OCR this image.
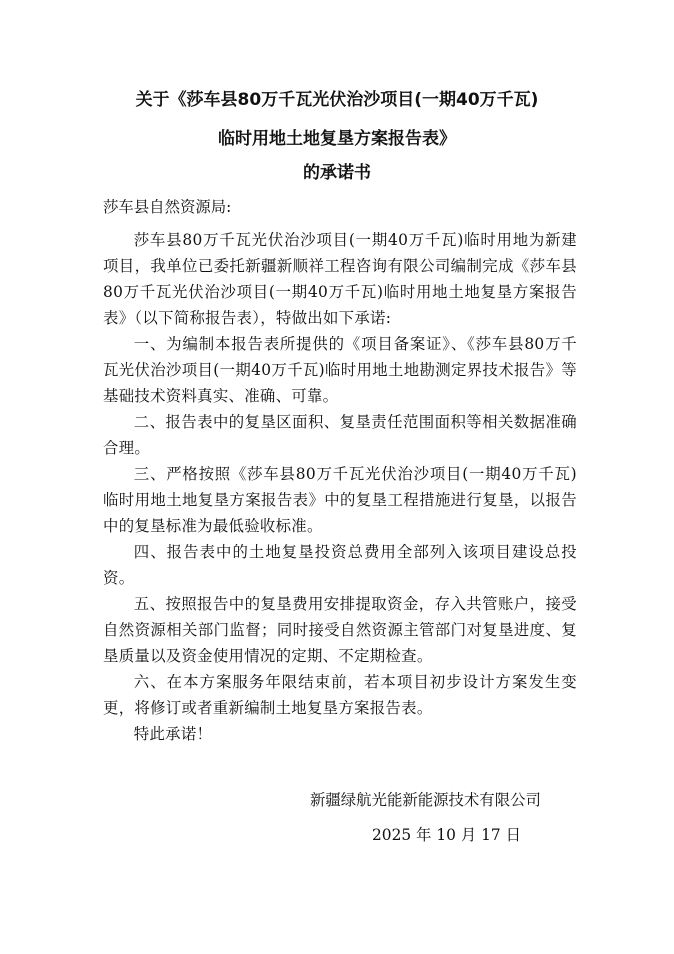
关于《莎车县80万千瓦光伏治沙项目(一期40万千瓦)
临时用地土地复垦方案报告表》
的承诺书
莎车县自然资源局:

莎车县80万千瓦光伏治沙项目(一期40万千瓦)临时用地为新建项目，我单位已委托新疆新顺祥工程咨询有限公司编制完成《莎车县80万千瓦光伏治沙项目(一期40万千瓦)临时用地土地复垦方案报告表》（以下简称报告表），特做出如下承诺:

一、为编制本报告表所提供的《项目备案证》、《莎车县80万千瓦光伏治沙项目(一期40万千瓦)临时用地土地勘测定界技术报告》等基础技术资料真实、准确、可靠。

二、报告表中的复垦区面积、复垦责任范围面积等相关数据准确合理。

三、严格按照《莎车县80万千瓦光伏治沙项目(一期40万千瓦)临时用地土地复垦方案报告表》中的复垦工程措施进行复垦，以报告中的复垦标准为最低验收标准。

四、报告表中的土地复垦投资总费用全部列入该项目建设总投资。

五、按照报告中的复垦费用安排提取资金，存入共管账户，接受自然资源相关部门监督；同时接受自然资源主管部门对复垦进度、复垦质量以及资金使用情况的定期、不定期检查。

六、在本方案服务年限结束前，若本项目初步设计方案发生变更，将修订或者重新编制土地复垦方案报告表。

特此承诺！

新疆绿航光能新能源技术有限公司
2025 年 10 月 17 日
